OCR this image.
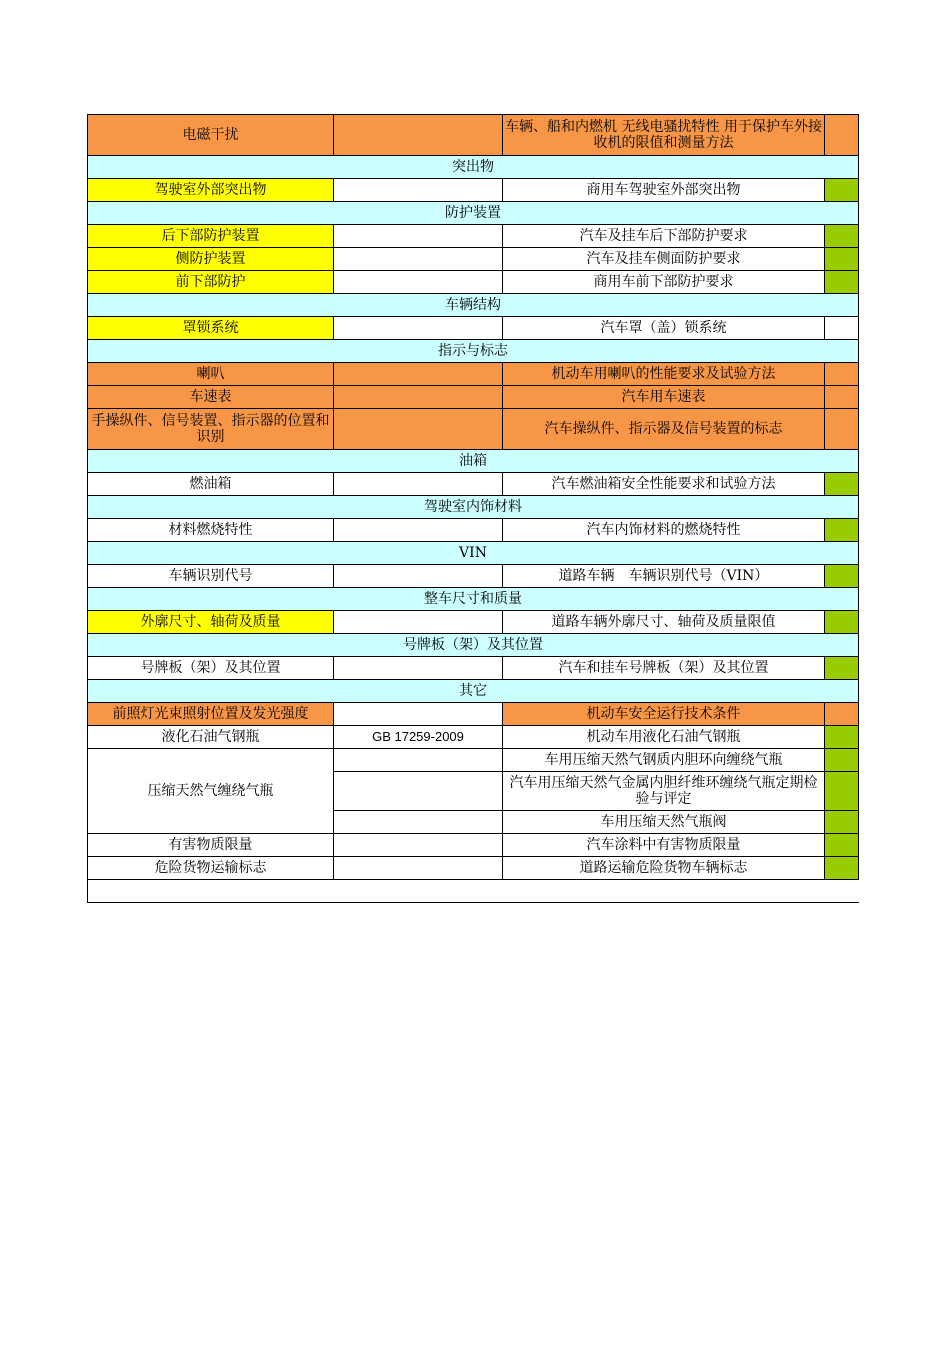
电磁干扰		车辆、船和内燃机 无线电骚扰特性 用于保护车外接收机的限值和测量方法	
突出物			
驾驶室外部突出物		商用车驾驶室外部突出物	
防护装置			
后下部防护装置		汽车及挂车后下部防护要求	
侧防护装置		汽车及挂车侧面防护要求	
前下部防护		商用车前下部防护要求	
车辆结构			
罩锁系统		汽车罩（盖）锁系统	
指示与标志			
喇叭		机动车用喇叭的性能要求及试验方法	
车速表		汽车用车速表	
手操纵件、信号装置、指示器的位置和识别		汽车操纵件、指示器及信号装置的标志	
油箱			
燃油箱		汽车燃油箱安全性能要求和试验方法	
驾驶室内饰材料			
材料燃烧特性		汽车内饰材料的燃烧特性	
VIN			
车辆识别代号		道路车辆　车辆识别代号（VIN）	
整车尺寸和质量			
外廓尺寸、轴荷及质量		道路车辆外廓尺寸、轴荷及质量限值	
号牌板（架）及其位置			
号牌板（架）及其位置		汽车和挂车号牌板（架）及其位置	
其它			
前照灯光束照射位置及发光强度		机动车安全运行技术条件	
液化石油气钢瓶	GB 17259-2009	机动车用液化石油气钢瓶	
压缩天然气缠绕气瓶		车用压缩天然气钢质内胆环向缠绕气瓶	
		汽车用压缩天然气金属内胆纤维环缠绕气瓶定期检验与评定	
		车用压缩天然气瓶阀	
有害物质限量		汽车涂料中有害物质限量	
危险货物运输标志		道路运输危险货物车辆标志	
